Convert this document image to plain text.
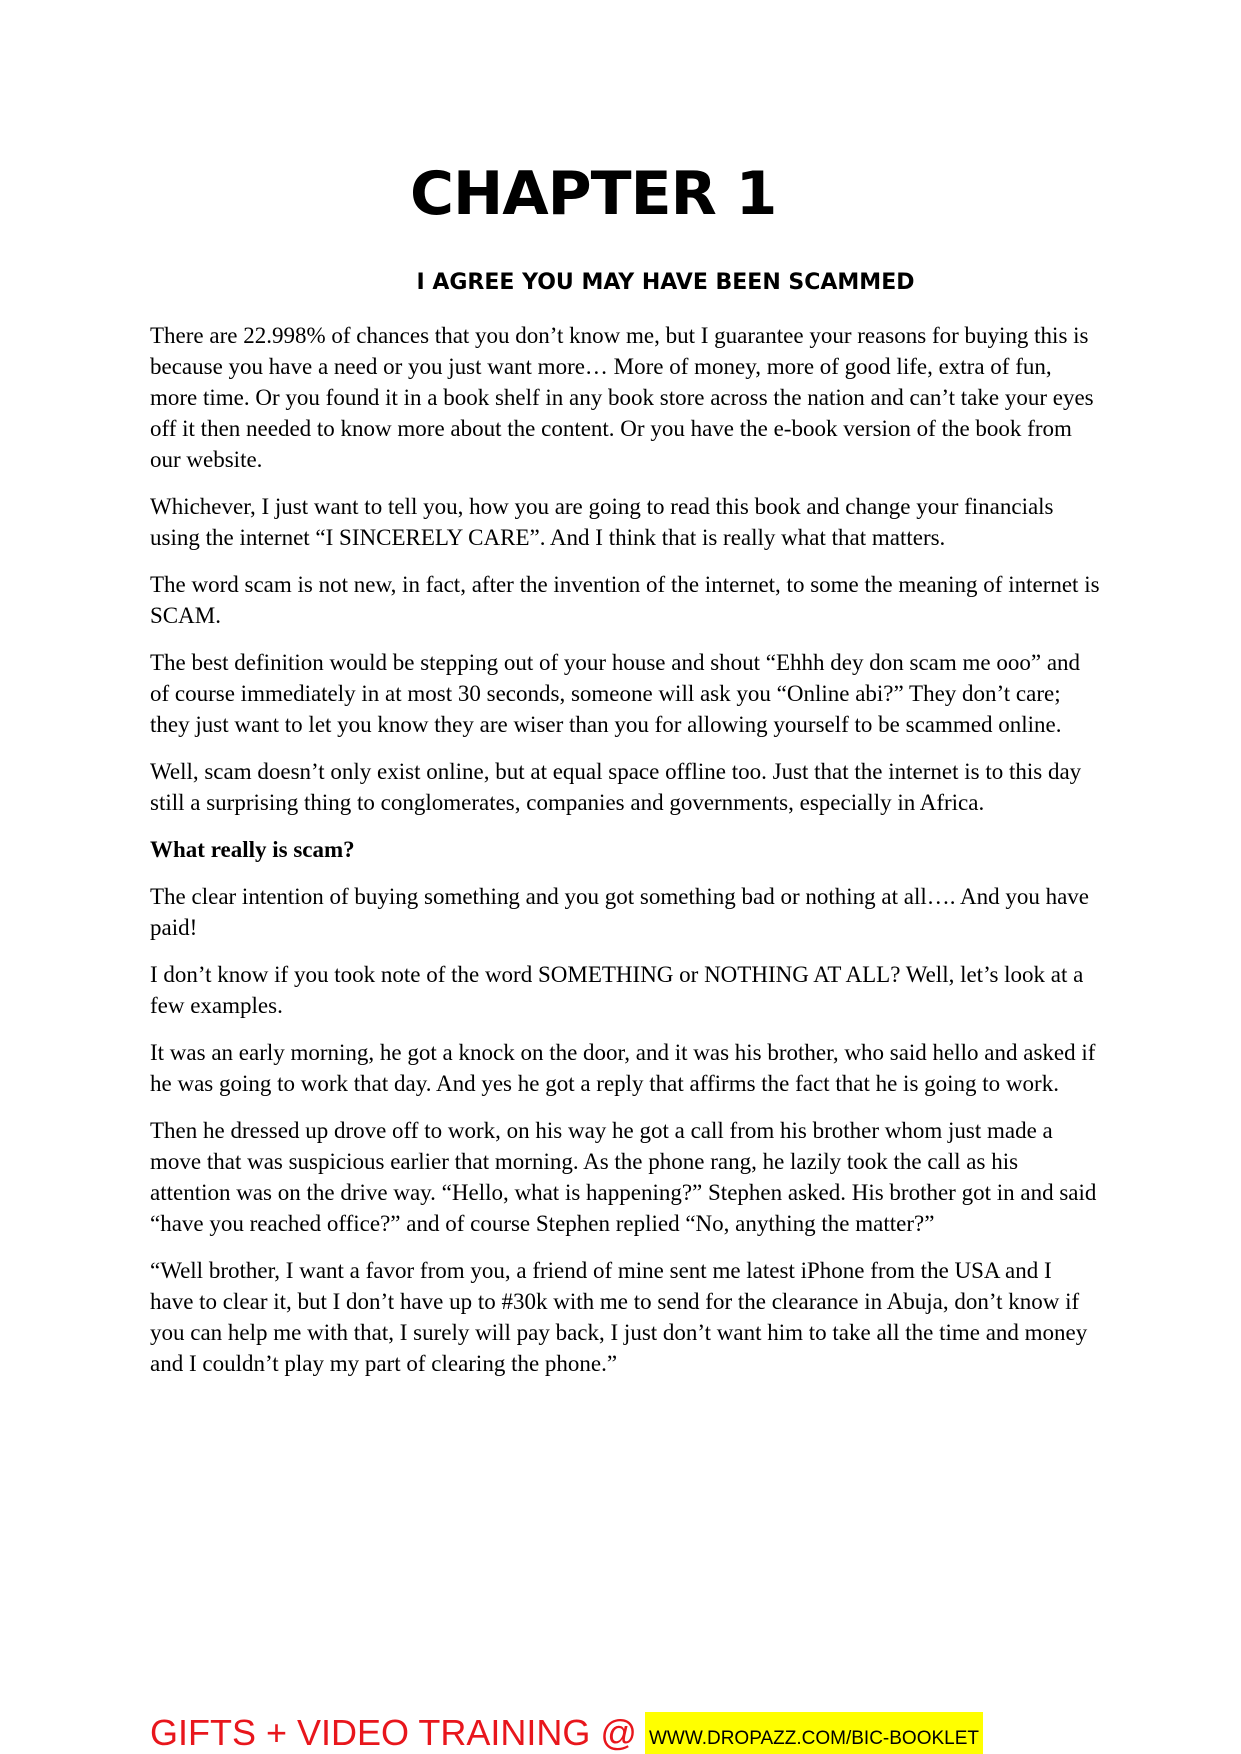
CHAPTER 1
I AGREE YOU MAY HAVE BEEN SCAMMED

There are 22.998% of chances that you don’t know me, but I guarantee your reasons for buying this is because you have a need or you just want more… More of money, more of good life, extra of fun, more time. Or you found it in a book shelf in any book store across the nation and can’t take your eyes off it then needed to know more about the content. Or you have the e-book version of the book from our website.

Whichever, I just want to tell you, how you are going to read this book and change your financials using the internet “I SINCERELY CARE”. And I think that is really what that matters.

The word scam is not new, in fact, after the invention of the internet, to some the meaning of internet is SCAM.

The best definition would be stepping out of your house and shout “Ehhh dey don scam me ooo” and of course immediately in at most 30 seconds, someone will ask you “Online abi?” They don’t care; they just want to let you know they are wiser than you for allowing yourself to be scammed online.

Well, scam doesn’t only exist online, but at equal space offline too. Just that the internet is to this day still a surprising thing to conglomerates, companies and governments, especially in Africa.

What really is scam?

The clear intention of buying something and you got something bad or nothing at all…. And you have paid!

I don’t know if you took note of the word SOMETHING or NOTHING AT ALL? Well, let’s look at a few examples.

It was an early morning, he got a knock on the door, and it was his brother, who said hello and asked if he was going to work that day. And yes he got a reply that affirms the fact that he is going to work.

Then he dressed up drove off to work, on his way he got a call from his brother whom just made a move that was suspicious earlier that morning. As the phone rang, he lazily took the call as his attention was on the drive way. “Hello, what is happening?” Stephen asked. His brother got in and said “have you reached office?” and of course Stephen replied “No, anything the matter?”

“Well brother, I want a favor from you, a friend of mine sent me latest iPhone from the USA and I have to clear it, but I don’t have up to #30k with me to send for the clearance in Abuja, don’t know if you can help me with that, I surely will pay back, I just don’t want him to take all the time and money and I couldn’t play my part of clearing the phone.”

GIFTS + VIDEO TRAINING @ WWW.DROPAZZ.COM/BIC-BOOKLET
